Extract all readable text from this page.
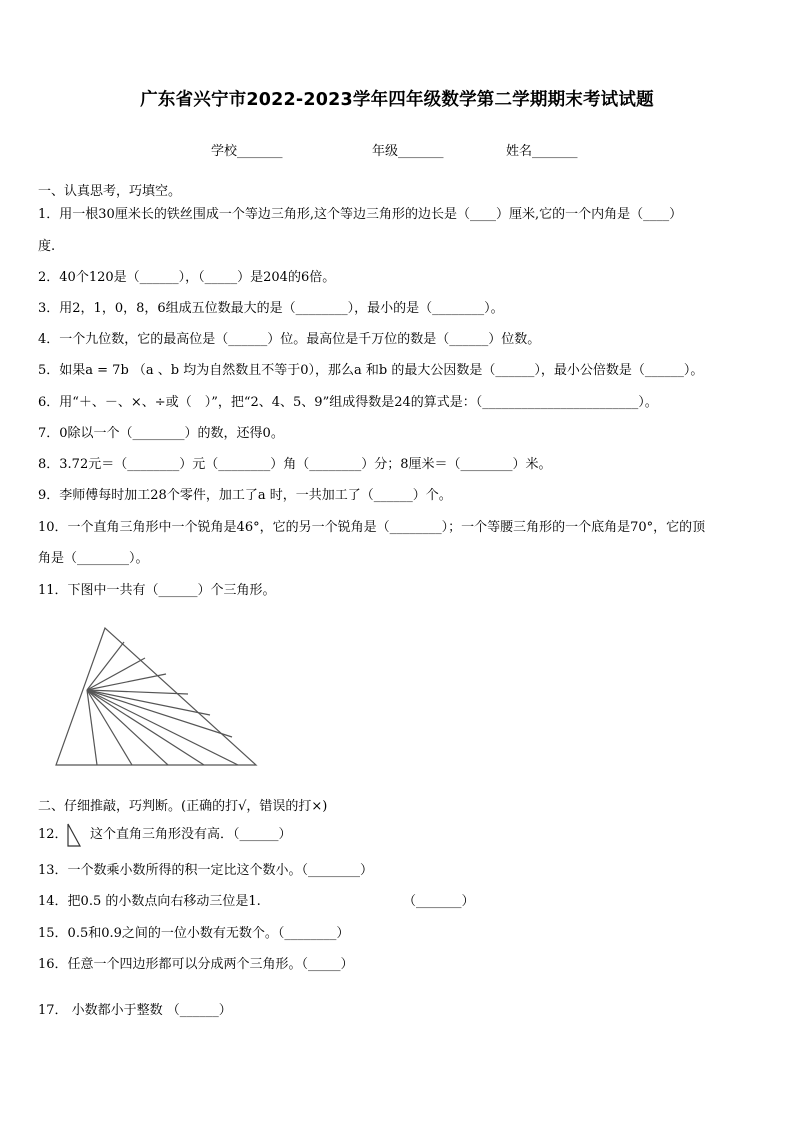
广东省兴宁市2022-2023学年四年级数学第二学期期末考试试题
学校_______	年级_______	姓名_______
一、认真思考，巧填空。
1．用一根30厘米长的铁丝围成一个等边三角形,这个等边三角形的边长是（____）厘米,它的一个内角是（____）
度.
2．40个120是（______），（_____）是204的6倍。
3．用2，1，0，8，6组成五位数最大的是（________），最小的是（________）。
4．一个九位数，它的最高位是（______）位。最高位是千万位的数是（______）位数。
5．如果a = 7b （a 、b 均为自然数且不等于0），那么a 和b 的最大公因数是（______），最小公倍数是（______）。
6．用“＋、－、×、÷或（　）”，把“2、4、5、9”组成得数是24的算式是：（________________________）。
7．0除以一个（________）的数，还得0。
8．3.72元＝（________）元（________）角（________）分；8厘米＝（________）米。
9．李师傅每时加工28个零件，加工了a 时，一共加工了（______）个。
10．一个直角三角形中一个锐角是46°，它的另一个锐角是（________）；一个等腰三角形的一个底角是70°，它的顶
角是（________）。
11．下图中一共有（______）个三角形。
二、仔细推敲，巧判断。(正确的打√，错误的打×)
12． 这个直角三角形没有高．（______）
13．一个数乘小数所得的积一定比这个数小。（________）
14．把0.5 的小数点向右移动三位是1.	（_______）
15．0.5和0.9之间的一位小数有无数个。（________）
16．任意一个四边形都可以分成两个三角形。（_____）
17． 小数都小于整数 （______）
